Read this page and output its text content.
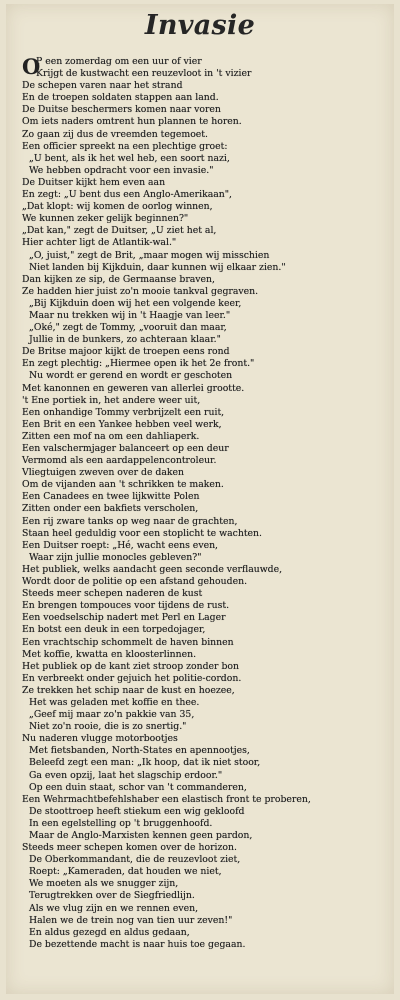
Invasie
O
P een zomerdag om een uur of vier
Krijgt de kustwacht een reuzevloot in 't vizier
De schepen varen naar het strand
En de troepen soldaten stappen aan land.
De Duitse beschermers komen naar voren
Om iets naders omtrent hun plannen te horen.
Zo gaan zij dus de vreemden tegemoet.
Een officier spreekt na een plechtige groet:
„U bent, als ik het wel heb, een soort nazi,
We hebben opdracht voor een invasie."
De Duitser kijkt hem even aan
En zegt: „U bent dus een Anglo-Amerikaan",
„Dat klopt: wij komen de oorlog winnen,
We kunnen zeker gelijk beginnen?"
„Dat kan," zegt de Duitser, „U ziet het al,
Hier achter ligt de Atlantik-wal."
„O, juist," zegt de Brit, „maar mogen wij misschien
Niet landen bij Kijkduin, daar kunnen wij elkaar zien."
Dan kijken ze sip, de Germaanse braven,
Ze hadden hier juist zo'n mooie tankval gegraven.
„Bij Kijkduin doen wij het een volgende keer,
Maar nu trekken wij in 't Haagje van leer."
„Oké," zegt de Tommy, „vooruit dan maar,
Jullie in de bunkers, zo achteraan klaar."
De Britse majoor kijkt de troepen eens rond
En zegt plechtig: „Hiermee open ik het 2e front."
Nu wordt er gerend en wordt er geschoten
Met kanonnen en geweren van allerlei grootte.
't Ene portiek in, het andere weer uit,
Een onhandige Tommy verbrijzelt een ruit,
Een Brit en een Yankee hebben veel werk,
Zitten een mof na om een dahliaperk.
Een valschermjager balanceert op een deur
Vermomd als een aardappelencontroleur.
Vliegtuigen zweven over de daken
Om de vijanden aan 't schrikken te maken.
Een Canadees en twee lijkwitte Polen
Zitten onder een bakfiets verscholen,
Een rij zware tanks op weg naar de grachten,
Staan heel geduldig voor een stoplicht te wachten.
Een Duitser roept: „Hé, wacht eens even,
Waar zijn jullie monocles gebleven?"
Het publiek, welks aandacht geen seconde verflauwde,
Wordt door de politie op een afstand gehouden.
Steeds meer schepen naderen de kust
En brengen tompouces voor tijdens de rust.
Een voedselschip nadert met Perl en Lager
En botst een deuk in een torpedojager,
Een vrachtschip schommelt de haven binnen
Met koffie, kwatta en kloosterlinnen.
Het publiek op de kant ziet stroop zonder bon
En verbreekt onder gejuich het politie-cordon.
Ze trekken het schip naar de kust en hoezee,
Het was geladen met koffie en thee.
„Geef mij maar zo'n pakkie van 35,
Niet zo'n rooie, die is zo snertig."
Nu naderen vlugge motorbootjes
Met fietsbanden, North-States en apennootjes,
Beleefd zegt een man: „Ik hoop, dat ik niet stoor,
Ga even opzij, laat het slagschip erdoor."
Op een duin staat, schor van 't commanderen,
Een Wehrmachtbefehlshaber een elastisch front te proberen,
De stoottroep heeft stiekum een wig gekloofd
In een egelstelling op 't bruggenhoofd.
Maar de Anglo-Marxisten kennen geen pardon,
Steeds meer schepen komen over de horizon.
De Oberkommandant, die de reuzevloot ziet,
Roept: „Kameraden, dat houden we niet,
We moeten als we snugger zijn,
Terugtrekken over de Siegfriedlijn.
Als we vlug zijn en we rennen even,
Halen we de trein nog van tien uur zeven!"
En aldus gezegd en aldus gedaan,
De bezettende macht is naar huis toe gegaan.
